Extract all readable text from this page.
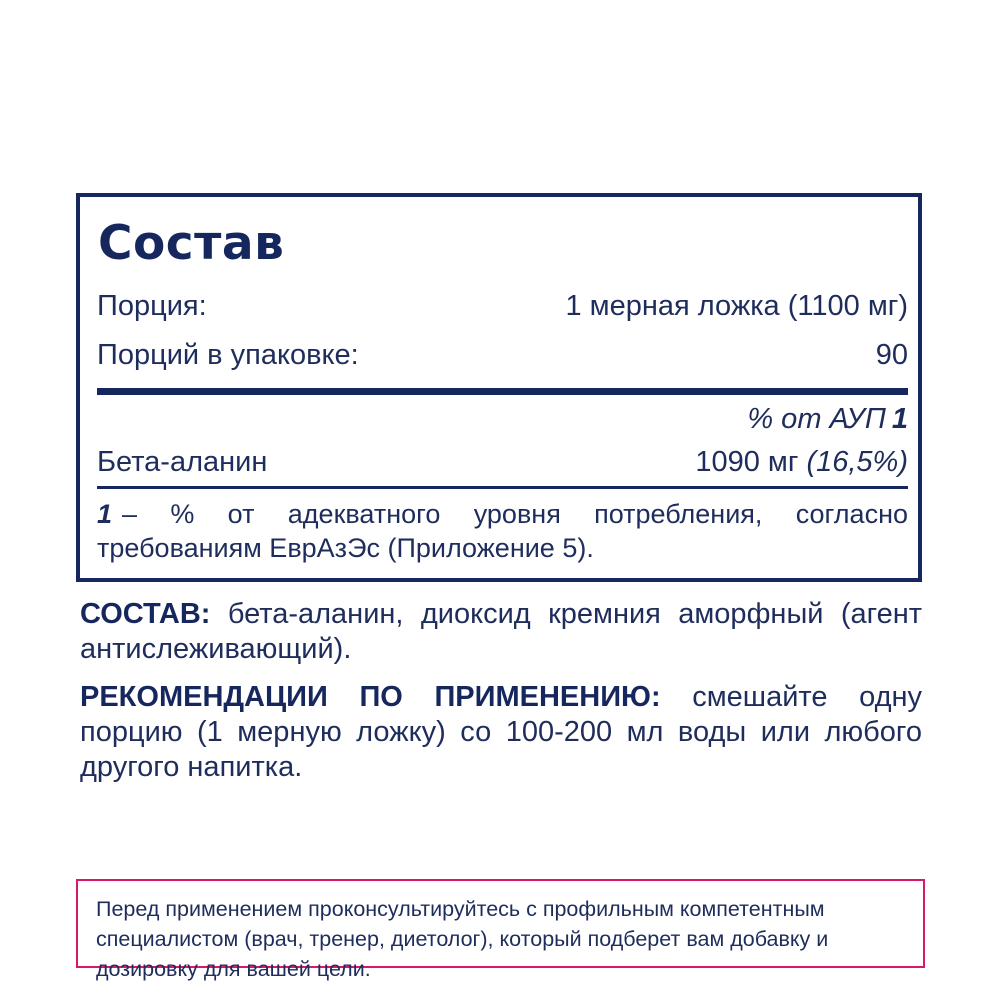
Состав
Порция:	1 мерная ложка (1100 мг)
Порций в упаковке:	90
% от АУП 1
Бета-аланин	1090 мг (16,5%)
1 – % от адекватного уровня потребления, согласно требованиям ЕврАзЭс (Приложение 5).
СОСТАВ: бета-аланин, диоксид кремния аморфный (агент антислеживающий).
РЕКОМЕНДАЦИИ ПО ПРИМЕНЕНИЮ: смешайте одну порцию (1 мерную ложку) со 100-200 мл воды или любого другого напитка.

Перед применением проконсультируйтесь с профильным компетентным специалистом (врач, тренер, диетолог), который подберет вам добавку и дозировку для вашей цели.
